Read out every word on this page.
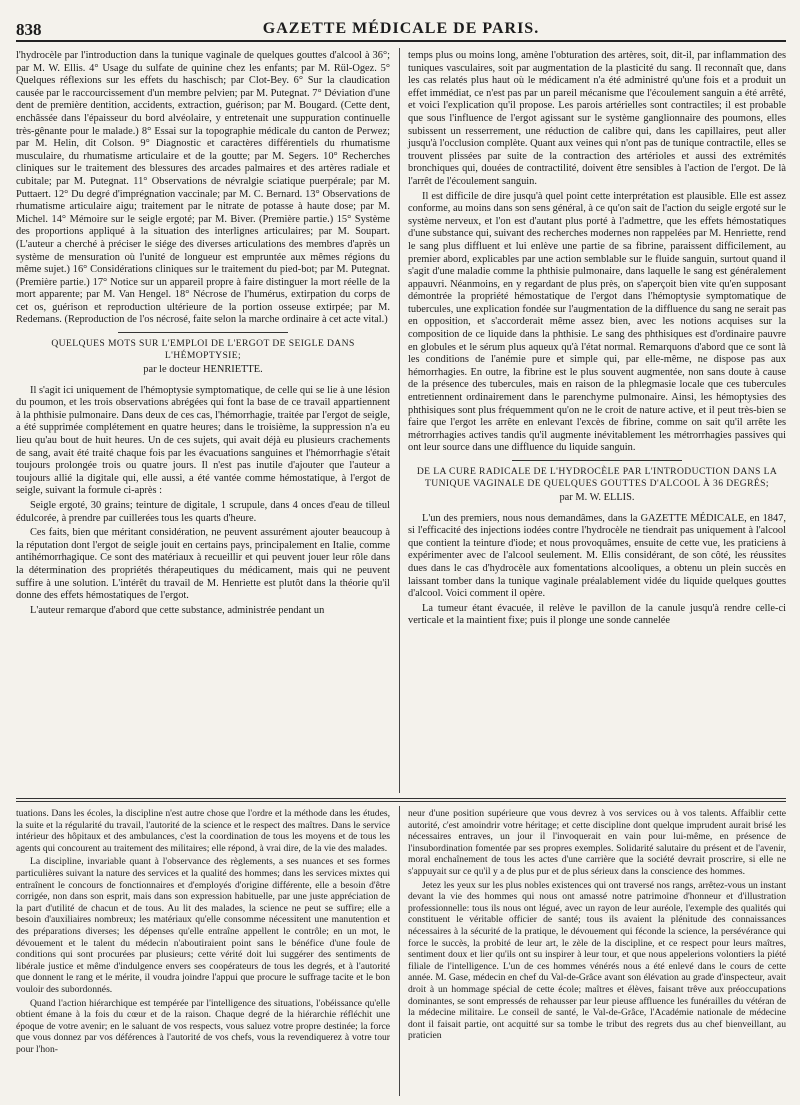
838	GAZETTE MÉDICALE DE PARIS.

l'hydrocèle par l'introduction dans la tunique vaginale de quelques gouttes d'alcool à 36°; par M. W. Ellis. 4° Usage du sulfate de quinine chez les enfants; par M. Rül-Ogez. 5° Quelques réflexions sur les effets du haschisch; par Clot-Bey. 6° Sur la claudication causée par le raccourcissement d'un membre pelvien; par M. Putegnat. 7° Déviation d'une dent de première dentition, accidents, extraction, guérison; par M. Bougard. (Cette dent, enchâssée dans l'épaisseur du bord alvéolaire, y entretenait une suppuration continuelle très-gênante pour le malade.) 8° Essai sur la topographie médicale du canton de Perwez; par M. Helin, dit Colson. 9° Diagnostic et caractères différentiels du rhumatisme musculaire, du rhumatisme articulaire et de la goutte; par M. Segers. 10° Recherches cliniques sur le traitement des blessures des arcades palmaires et des artères radiale et cubitale; par M. Putegnat. 11° Observations de névralgie sciatique puerpérale; par M. Puttaert. 12° Du degré d'imprégnation vaccinale; par M. C. Bernard. 13° Observations de rhumatisme articulaire aigu; traitement par le nitrate de potasse à haute dose; par M. Michel. 14° Mémoire sur le seigle ergoté; par M. Biver. (Première partie.) 15° Système des proportions appliqué à la situation des interlignes articulaires; par M. Soupart. (L'auteur a cherché à préciser le siége des diverses articulations des membres d'après un système de mensuration où l'unité de longueur est empruntée aux mêmes régions du même sujet.) 16° Considérations cliniques sur le traitement du pied-bot; par M. Putegnat. (Première partie.) 17° Notice sur un appareil propre à faire distinguer la mort réelle de la mort apparente; par M. Van Hengel. 18° Nécrose de l'humérus, extirpation du corps de cet os, guérison et reproduction ultérieure de la portion osseuse extirpée; par M. Redemans. (Reproduction de l'os nécrosé, faite selon la marche ordinaire à cet acte vital.)

QUELQUES MOTS SUR L'EMPLOI DE L'ERGOT DE SEIGLE DANS L'HÉMOPTYSIE;
par le docteur HENRIETTE.

Il s'agit ici uniquement de l'hémoptysie symptomatique, de celle qui se lie à une lésion du poumon, et les trois observations abrégées qui font la base de ce travail appartiennent à la phthisie pulmonaire. Dans deux de ces cas, l'hémorrhagie, traitée par l'ergot de seigle, a été supprimée complétement en quatre heures; dans le troisième, la suppression n'a eu lieu qu'au bout de huit heures. Un de ces sujets, qui avait déjà eu plusieurs crachements de sang, avait été traité chaque fois par les évacuations sanguines et l'hémorrhagie s'était toujours prolongée trois ou quatre jours. Il n'est pas inutile d'ajouter que l'auteur a toujours allié la digitale qui, elle aussi, a été vantée comme hémostatique, à l'ergot de seigle, suivant la formule ci-après :

Seigle ergoté, 30 grains; teinture de digitale, 1 scrupule, dans 4 onces d'eau de tilleul édulcorée, à prendre par cuillerées tous les quarts d'heure.

Ces faits, bien que méritant considération, ne peuvent assurément ajouter beaucoup à la réputation dont l'ergot de seigle jouit en certains pays, principalement en Italie, comme antihémorrhagique. Ce sont des matériaux à recueillir et qui peuvent jouer leur rôle dans la détermination des propriétés thérapeutiques du médicament, mais qui ne peuvent suffire à une solution. L'intérêt du travail de M. Henriette est plutôt dans la théorie qu'il donne des effets hémostatiques de l'ergot.

L'auteur remarque d'abord que cette substance, administrée pendant un

temps plus ou moins long, amène l'obturation des artères, soit, dit-il, par inflammation des tuniques vasculaires, soit par augmentation de la plasticité du sang. Il reconnaît que, dans les cas relatés plus haut où le médicament n'a été administré qu'une fois et a produit un effet immédiat, ce n'est pas par un pareil mécanisme que l'écoulement sanguin a été arrêté, et voici l'explication qu'il propose. Les parois artérielles sont contractiles; il est probable que sous l'influence de l'ergot agissant sur le système ganglionnaire des poumons, elles subissent un resserrement, une réduction de calibre qui, dans les capillaires, peut aller jusqu'à l'occlusion complète. Quant aux veines qui n'ont pas de tunique contractile, elles se trouvent plissées par suite de la contraction des artérioles et aussi des extrémités bronchiques qui, douées de contractilité, doivent être sensibles à l'action de l'ergot. De là l'arrêt de l'écoulement sanguin.

Il est difficile de dire jusqu'à quel point cette interprétation est plausible. Elle est assez conforme, au moins dans son sens général, à ce qu'on sait de l'action du seigle ergoté sur le système nerveux, et l'on est d'autant plus porté à l'admettre, que les effets hémostatiques d'une substance qui, suivant des recherches modernes non rappelées par M. Henriette, rend le sang plus diffluent et lui enlève une partie de sa fibrine, paraissent difficilement, au premier abord, explicables par une action semblable sur le fluide sanguin, surtout quand il s'agit d'une maladie comme la phthisie pulmonaire, dans laquelle le sang est généralement appauvri. Néanmoins, en y regardant de plus près, on s'aperçoit bien vite qu'en supposant démontrée la propriété hémostatique de l'ergot dans l'hémoptysie symptomatique de tubercules, une explication fondée sur l'augmentation de la diffluence du sang ne serait pas en opposition, et s'accorderait même assez bien, avec les notions acquises sur la composition de ce liquide dans la phthisie. Le sang des phthisiques est d'ordinaire pauvre en globules et le sérum plus aqueux qu'à l'état normal. Remarquons d'abord que ce sont là les conditions de l'anémie pure et simple qui, par elle-même, ne dispose pas aux hémorrhagies. En outre, la fibrine est le plus souvent augmentée, non sans doute à cause de la présence des tubercules, mais en raison de la phlegmasie locale que ces tubercules entretiennent ordinairement dans le parenchyme pulmonaire. Ainsi, les hémoptysies des phthisiques sont plus fréquemment qu'on ne le croit de nature active, et il peut très-bien se faire que l'ergot les arrête en enlevant l'excès de fibrine, comme on sait qu'il arrête les métrorrhagies actives tandis qu'il augmente inévitablement les métrorrhagies passives qui ont leur source dans une diffluence du liquide sanguin.

DE LA CURE RADICALE DE L'HYDROCÈLE PAR L'INTRODUCTION DANS LA TUNIQUE VAGINALE DE QUELQUES GOUTTES D'ALCOOL À 36 DEGRÉS;
par M. W. ELLIS.

L'un des premiers, nous nous demandâmes, dans la GAZETTE MÉDICALE, en 1847, si l'efficacité des injections iodées contre l'hydrocèle ne tiendrait pas uniquement à l'alcool que contient la teinture d'iode; et nous provoquâmes, ensuite de cette vue, les praticiens à expérimenter avec de l'alcool seulement. M. Ellis considérant, de son côté, les réussites dues dans le cas d'hydrocèle aux fomentations alcooliques, a obtenu un plein succès en laissant tomber dans la tunique vaginale préalablement vidée du liquide quelques gouttes d'alcool. Voici comment il opère.

La tumeur étant évacuée, il relève le pavillon de la canule jusqu'à rendre celle-ci verticale et la maintient fixe; puis il plonge une sonde cannelée

tuations. Dans les écoles, la discipline n'est autre chose que l'ordre et la méthode dans les études, la suite et la régularité du travail, l'autorité de la science et le respect des maîtres. Dans le service intérieur des hôpitaux et des ambulances, c'est la coordination de tous les moyens et de tous les agents qui concourent au traitement des militaires; elle répond, à vrai dire, de la vie des malades.

La discipline, invariable quant à l'observance des règlements, a ses nuances et ses formes particulières suivant la nature des services et la qualité des hommes; dans les services mixtes qui entraînent le concours de fonctionnaires et d'employés d'origine différente, elle a besoin d'être corrigée, non dans son esprit, mais dans son expression habituelle, par une juste appréciation de la part d'utilité de chacun et de tous. Au lit des malades, la science ne peut se suffire; elle a besoin d'auxiliaires nombreux; les matériaux qu'elle consomme nécessitent une manutention et des préparations diverses; les dépenses qu'elle entraîne appellent le contrôle; en un mot, le dévouement et le talent du médecin n'aboutiraient point sans le bénéfice d'une foule de conditions qui sont procurées par plusieurs; cette vérité doit lui suggérer des sentiments de libérale justice et même d'indulgence envers ses coopérateurs de tous les degrés, et à l'autorité que donnent le rang et le mérite, il voudra joindre l'appui que procure le suffrage tacite et le bon vouloir des subordonnés.

Quand l'action hiérarchique est tempérée par l'intelligence des situations, l'obéissance qu'elle obtient émane à la fois du cœur et de la raison. Chaque degré de la hiérarchie réfléchit une époque de votre avenir; en le saluant de vos respects, vous saluez votre propre destinée; la force que vous donnez par vos déférences à l'autorité de vos chefs, vous la revendiquerez à votre tour pour l'hon-

neur d'une position supérieure que vous devrez à vos services ou à vos talents. Affaiblir cette autorité, c'est amoindrir votre héritage; et cette discipline dont quelque imprudent aurait brisé les nécessaires entraves, un jour il l'invoquerait en vain pour lui-même, en présence de l'insubordination fomentée par ses propres exemples. Solidarité salutaire du présent et de l'avenir, moral enchaînement de tous les actes d'une carrière que la société devrait proscrire, si elle ne s'appuyait sur ce qu'il y a de plus pur et de plus sérieux dans la conscience des hommes.

Jetez les yeux sur les plus nobles existences qui ont traversé nos rangs, arrêtez-vous un instant devant la vie des hommes qui nous ont amassé notre patrimoine d'honneur et d'illustration professionnelle: tous ils nous ont légué, avec un rayon de leur auréole, l'exemple des qualités qui constituent le véritable officier de santé; tous ils avaient la plénitude des connaissances nécessaires à la sécurité de la pratique, le dévouement qui féconde la science, la persévérance qui force le succès, la probité de leur art, le zèle de la discipline, et ce respect pour leurs maîtres, sentiment doux et lier qu'ils ont su inspirer à leur tour, et que nous appelerions volontiers la piété filiale de l'intelligence. L'un de ces hommes vénérés nous a été enlevé dans le cours de cette année. M. Gase, médecin en chef du Val-de-Grâce avant son élévation au grade d'inspecteur, avait droit à un hommage spécial de cette école; maîtres et élèves, faisant trêve aux préoccupations dominantes, se sont empressés de rehausser par leur pieuse affluence les funérailles du vétéran de la médecine militaire. Le conseil de santé, le Val-de-Grâce, l'Académie nationale de médecine dont il faisait partie, ont acquitté sur sa tombe le tribut des regrets dus au chef bienveillant, au praticien
